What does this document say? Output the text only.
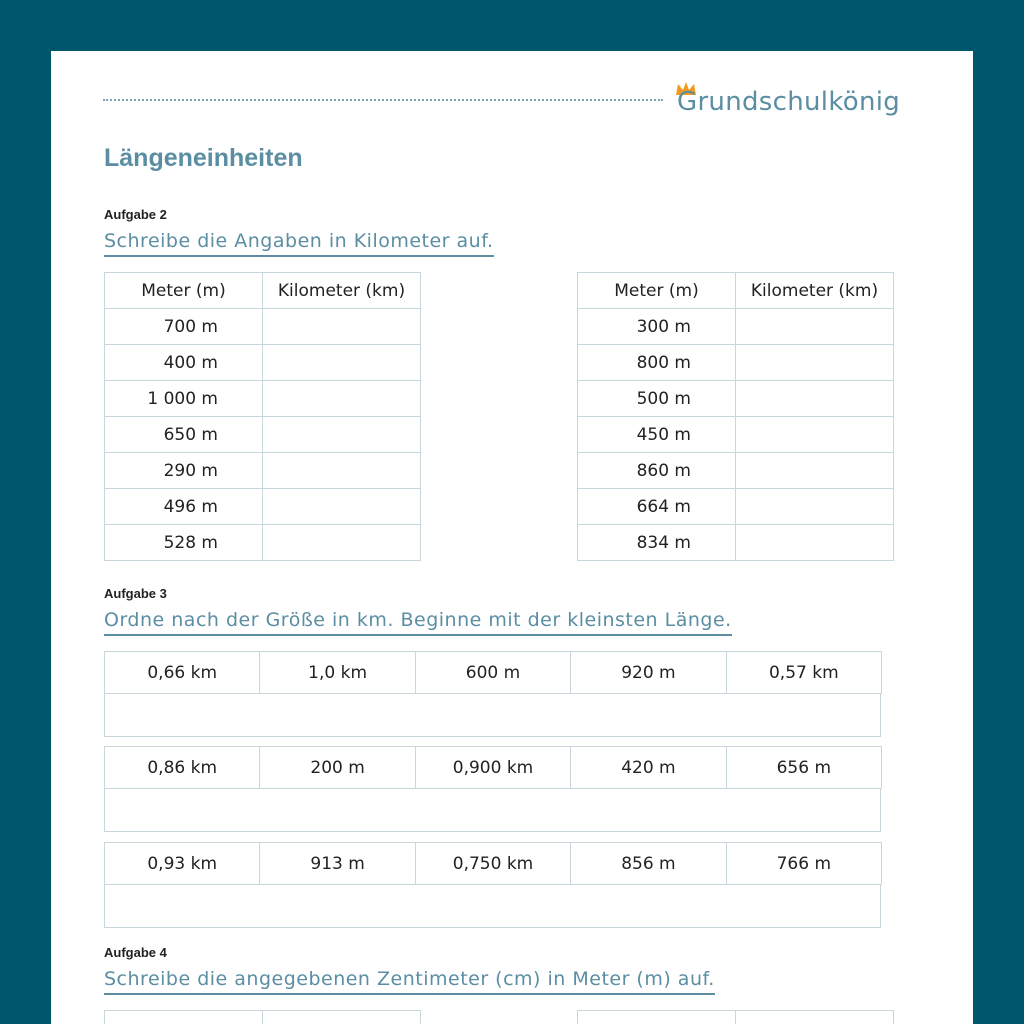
Grundschulkönig
Längeneinheiten
Aufgabe 2
Schreibe die Angaben in Kilometer auf.
Meter (m)	Kilometer (km)
700 m	
400 m	
1 000 m	
650 m	
290 m	
496 m	
528 m	
Meter (m)	Kilometer (km)
300 m	
800 m	
500 m	
450 m	
860 m	
664 m	
834 m	
Aufgabe 3
Ordne nach der Größe in km. Beginne mit der kleinsten Länge.
0,66 km	1,0 km	600 m	920 m	0,57 km
0,86 km	200 m	0,900 km	420 m	656 m
0,93 km	913 m	0,750 km	856 m	766 m
Aufgabe 4
Schreibe die angegebenen Zentimeter (cm) in Meter (m) auf.
